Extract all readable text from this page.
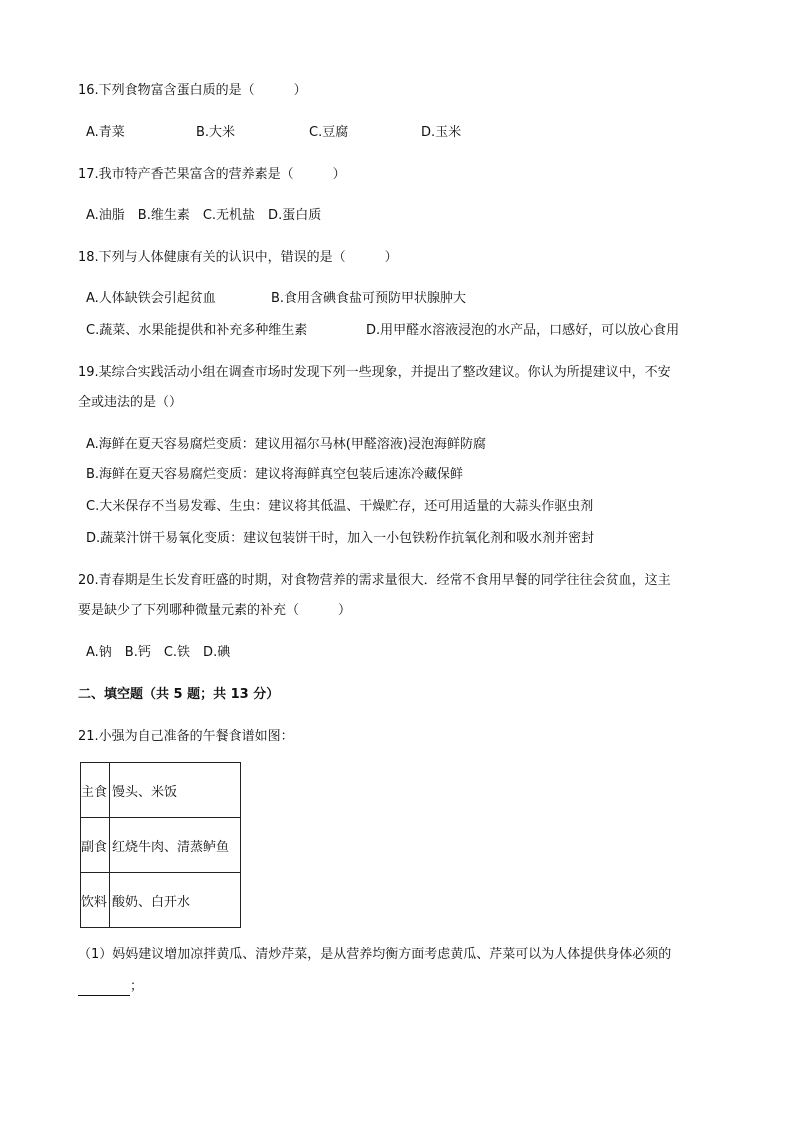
16.下列食物富含蛋白质的是（　　　）
A.青菜	B.大米	C.豆腐	D.玉米
17.我市特产香芒果富含的营养素是（　　　）
A.油脂　B.维生素　C.无机盐　D.蛋白质
18.下列与人体健康有关的认识中，错误的是（　　　）
A.人体缺铁会引起贫血	B.食用含碘食盐可预防甲状腺肿大
C.蔬菜、水果能提供和补充多种维生素	D.用甲醛水溶液浸泡的水产品，口感好，可以放心食用
19.某综合实践活动小组在调查市场时发现下列一些现象，并提出了整改建议。你认为所提建议中，不安
全或违法的是（）
A.海鲜在夏天容易腐烂变质：建议用福尔马林(甲醛溶液)浸泡海鲜防腐
B.海鲜在夏天容易腐烂变质：建议将海鲜真空包装后速冻冷藏保鲜
C.大米保存不当易发霉、生虫：建议将其低温、干燥贮存，还可用适量的大蒜头作驱虫剂
D.蔬菜汁饼干易氧化变质：建议包装饼干时，加入一小包铁粉作抗氧化剂和吸水剂并密封
20.青春期是生长发育旺盛的时期，对食物营养的需求量很大．经常不食用早餐的同学往往会贫血，这主
要是缺少了下列哪种微量元素的补充（　　　）
A.钠　B.钙　C.铁　D.碘
二、填空题（共 5 题；共 13 分）
21.小强为自己准备的午餐食谱如图：
主食	馒头、米饭
副食	红烧牛肉、清蒸鲈鱼
饮料	酸奶、白开水
（1）妈妈建议增加凉拌黄瓜、清炒芹菜，是从营养均衡方面考虑黄瓜、芹菜可以为人体提供身体必须的
；
